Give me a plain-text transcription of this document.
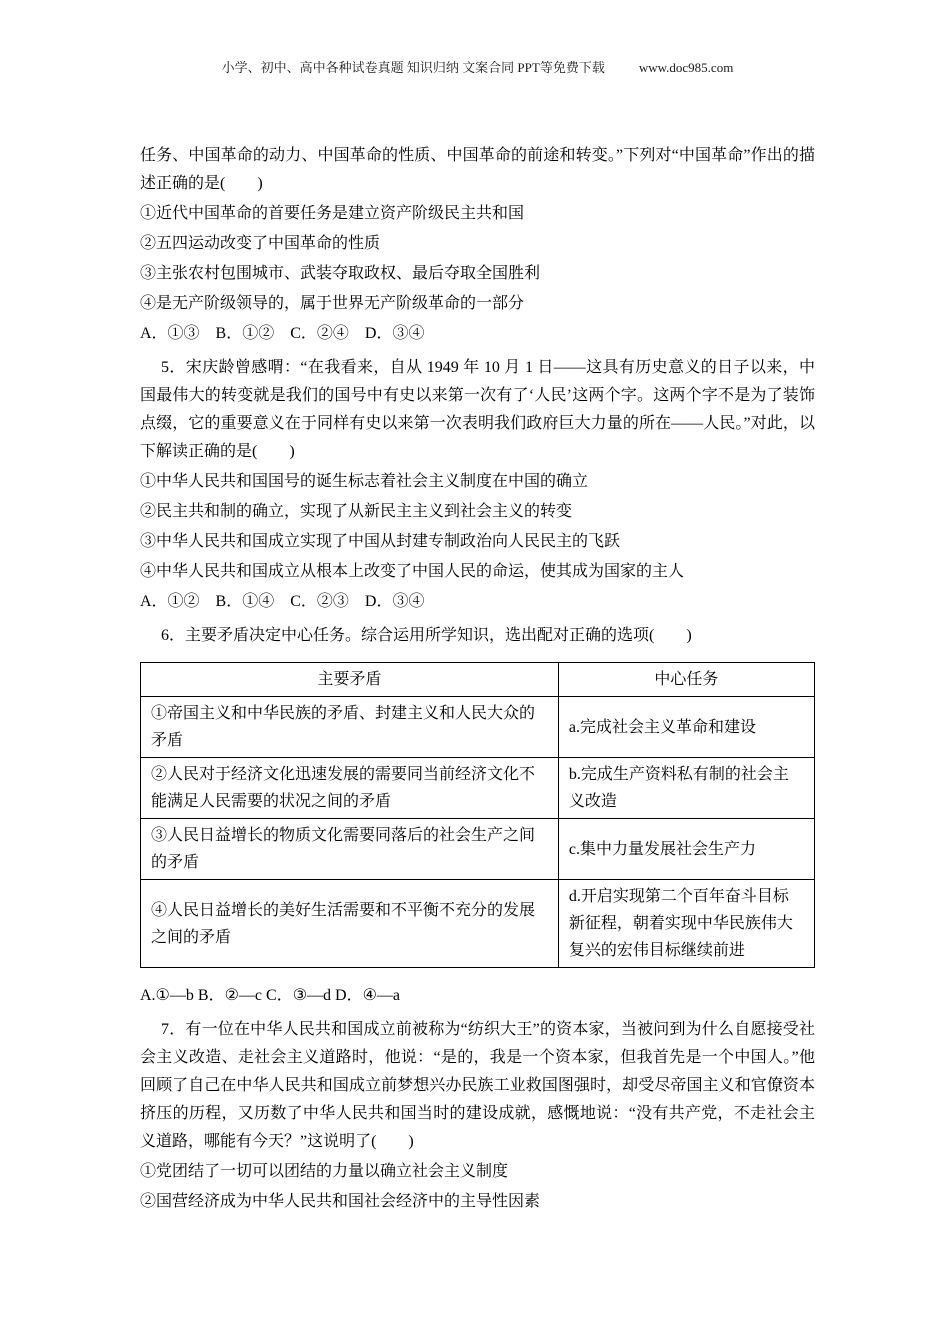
小学、初中、高中各种试卷真题 知识归纳 文案合同 PPT等免费下载	www.doc985.com

任务、中国革命的动力、中国革命的性质、中国革命的前途和转变。”下列对“中国革命”作出的描述正确的是(　　)

①近代中国革命的首要任务是建立资产阶级民主共和国

②五四运动改变了中国革命的性质

③主张农村包围城市、武装夺取政权、最后夺取全国胜利

④是无产阶级领导的，属于世界无产阶级革命的一部分

A．①③　B．①②　C．②④　D．③④

5．宋庆龄曾感喟：“在我看来，自从 1949 年 10 月 1 日——这具有历史意义的日子以来，中国最伟大的转变就是我们的国号中有史以来第一次有了‘人民’这两个字。这两个字不是为了装饰点缀，它的重要意义在于同样有史以来第一次表明我们政府巨大力量的所在——人民。”对此，以下解读正确的是(　　)

①中华人民共和国国号的诞生标志着社会主义制度在中国的确立

②民主共和制的确立，实现了从新民主主义到社会主义的转变

③中华人民共和国成立实现了中国从封建专制政治向人民民主的飞跃

④中华人民共和国成立从根本上改变了中国人民的命运，使其成为国家的主人

A．①②　B．①④　C．②③　D．③④

6．主要矛盾决定中心任务。综合运用所学知识，选出配对正确的选项(　　)

主要矛盾	中心任务
①帝国主义和中华民族的矛盾、封建主义和人民大众的矛盾	a.完成社会主义革命和建设
②人民对于经济文化迅速发展的需要同当前经济文化不能满足人民需要的状况之间的矛盾	b.完成生产资料私有制的社会主义改造
③人民日益增长的物质文化需要同落后的社会生产之间的矛盾	c.集中力量发展社会生产力
④人民日益增长的美好生活需要和不平衡不充分的发展之间的矛盾	d.开启实现第二个百年奋斗目标新征程，朝着实现中华民族伟大复兴的宏伟目标继续前进

A.①—b B．②—c C．③—d D．④—a

7．有一位在中华人民共和国成立前被称为“纺织大王”的资本家，当被问到为什么自愿接受社会主义改造、走社会主义道路时，他说：“是的，我是一个资本家，但我首先是一个中国人。”他回顾了自己在中华人民共和国成立前梦想兴办民族工业救国图强时，却受尽帝国主义和官僚资本挤压的历程，又历数了中华人民共和国当时的建设成就，感慨地说：“没有共产党，不走社会主义道路，哪能有今天？”这说明了(　　)

①党团结了一切可以团结的力量以确立社会主义制度

②国营经济成为中华人民共和国社会经济中的主导性因素
